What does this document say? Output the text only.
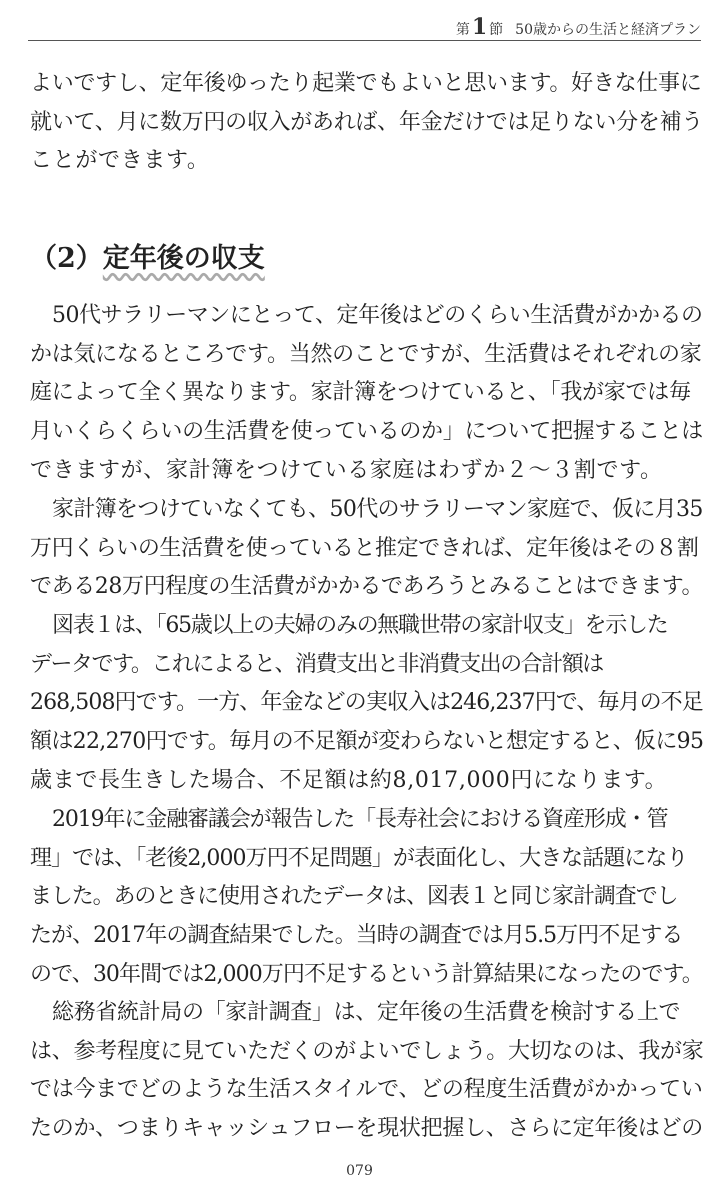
第1 節 50歳からの生活と経済プラン
よいですし、定年後ゆったり起業でもよいと思います。好きな仕事に
就いて、月に数万円の収入があれば、年金だけでは足りない分を補う
ことができます。
（2）定年後の収支
50代サラリーマンにとって、定年後はどのくらい生活費がかかるの
かは気になるところです。当然のことですが、生活費はそれぞれの家
庭によって全く異なります。家計簿をつけていると、「我が家では毎
月いくらくらいの生活費を使っているのか」について把握することは
できますが、家計簿をつけている家庭はわずか２～３割です。
家計簿をつけていなくても、50代のサラリーマン家庭で、仮に月35
万円くらいの生活費を使っていると推定できれば、定年後はその８割
である28万円程度の生活費がかかるであろうとみることはできます。
図表１は、「65歳以上の夫婦のみの無職世帯の家計収支」を示した
データです。これによると、消費支出と非消費支出の合計額は
268,508円です。一方、年金などの実収入は246,237円で、毎月の不足
額は22,270円です。毎月の不足額が変わらないと想定すると、仮に95
歳まで長生きした場合、不足額は約8,017,000円になります。
2019年に金融審議会が報告した「長寿社会における資産形成・管
理」では、「老後2,000万円不足問題」が表面化し、大きな話題になり
ました。あのときに使用されたデータは、図表１と同じ家計調査でし
たが、2017年の調査結果でした。当時の調査では月5.5万円不足する
ので、30年間では2,000万円不足するという計算結果になったのです。
総務省統計局の「家計調査」は、定年後の生活費を検討する上で
は、参考程度に見ていただくのがよいでしょう。大切なのは、我が家
では今までどのような生活スタイルで、どの程度生活費がかかってい
たのか、つまりキャッシュフローを現状把握し、さらに定年後はどの
079
